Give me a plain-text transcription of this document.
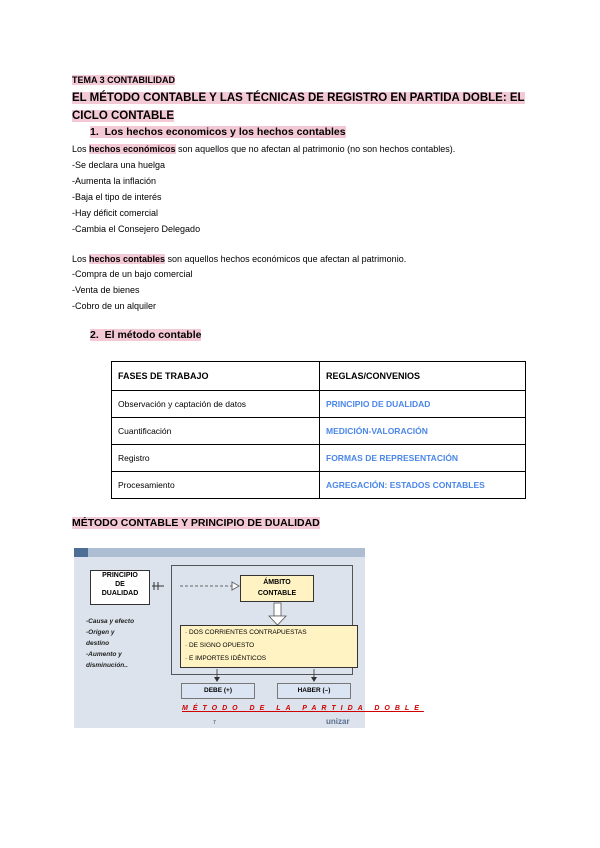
TEMA 3 CONTABILIDAD
EL MÉTODO CONTABLE Y LAS TÉCNICAS DE REGISTRO EN PARTIDA DOBLE: EL CICLO CONTABLE
1. Los hechos economicos y los hechos contables
Los hechos económicos son aquellos que no afectan al patrimonio (no son hechos contables).
-Se declara una huelga
-Aumenta la inflación
-Baja el tipo de interés
-Hay déficit comercial
-Cambia el Consejero Delegado
Los hechos contables son aquellos hechos económicos que afectan al patrimonio.
-Compra de un bajo comercial
-Venta de bienes
-Cobro de un alquiler
2. El método contable
FASES DE TRABAJO	REGLAS/CONVENIOS
Observación y captación de datos	PRINCIPIO DE DUALIDAD
Cuantificación	MEDICIÓN-VALORACIÓN
Registro	FORMAS DE REPRESENTACIÓN
Procesamiento	AGREGACIÓN: ESTADOS CONTABLES
MÉTODO CONTABLE Y PRINCIPIO DE DUALIDAD
PRINCIPIO
DE
DUALIDAD
ÁMBITO
CONTABLE
· DOS CORRIENTES CONTRAPUESTAS
· DE SIGNO OPUESTO
· E IMPORTES IDÉNTICOS
-Causa y efecto
-Origen y destino
-Aumento y disminución..
DEBE (+)	HABER (–)
MÉTODO DE LA PARTIDA DOBLE
7	unizar
